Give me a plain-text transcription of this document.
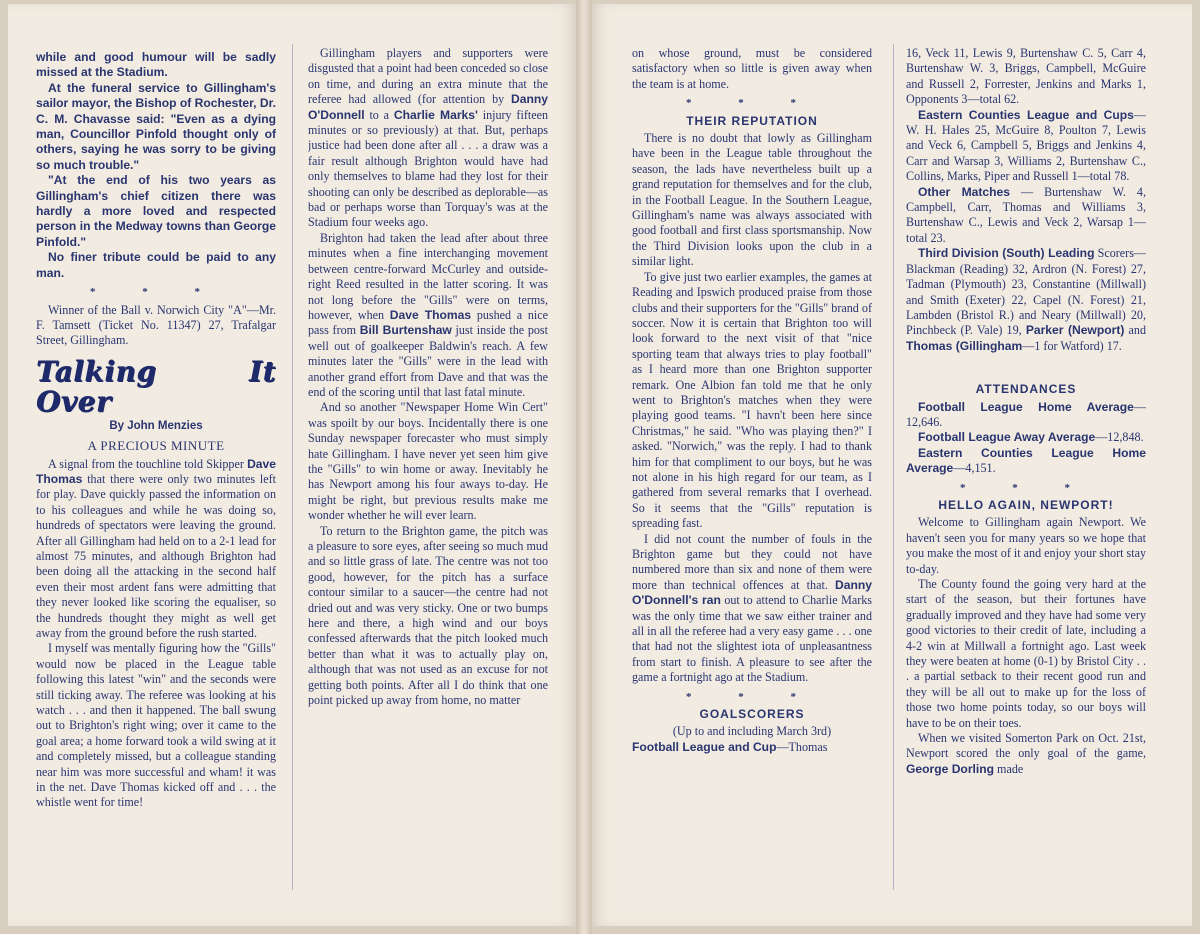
while and good humour will be sadly missed at the Stadium.

At the funeral service to Gillingham's sailor mayor, the Bishop of Rochester, Dr. C. M. Chavasse said: "Even as a dying man, Councillor Pinfold thought only of others, saying he was sorry to be giving so much trouble."

"At the end of his two years as Gillingham's chief citizen there was hardly a more loved and respected person in the Medway towns than George Pinfold."

No finer tribute could be paid to any man.

* * *

Winner of the Ball v. Norwich City "A"—Mr. F. Tamsett (Ticket No. 11347) 27, Trafalgar Street, Gillingham.

Talking It Over
By John Menzies
A PRECIOUS MINUTE

A signal from the touchline told Skipper Dave Thomas that there were only two minutes left for play. Dave quickly passed the information on to his colleagues and while he was doing so, hundreds of spectators were leaving the ground. After all Gillingham had held on to a 2-1 lead for almost 75 minutes, and although Brighton had been doing all the attacking in the second half even their most ardent fans were admitting that they never looked like scoring the equaliser, so the hundreds thought they might as well get away from the ground before the rush started.

I myself was mentally figuring how the "Gills" would now be placed in the League table following this latest "win" and the seconds were still ticking away. The referee was looking at his watch . . . and then it happened. The ball swung out to Brighton's right wing; over it came to the goal area; a home forward took a wild swing at it and completely missed, but a colleague standing near him was more successful and wham! it was in the net. Dave Thomas kicked off and . . . the whistle went for time!

Gillingham players and supporters were disgusted that a point had been conceded so close on time, and during an extra minute that the referee had allowed (for attention by Danny O'Donnell to a Charlie Marks' injury fifteen minutes or so previously) at that. But, perhaps justice had been done after all . . . a draw was a fair result although Brighton would have had only themselves to blame had they lost for their shooting can only be described as deplorable—as bad or perhaps worse than Torquay's was at the Stadium four weeks ago.

Brighton had taken the lead after about three minutes when a fine interchanging movement between centre-forward McCurley and outside-right Reed resulted in the latter scoring. It was not long before the "Gills" were on terms, however, when Dave Thomas pushed a nice pass from Bill Burtenshaw just inside the post well out of goalkeeper Baldwin's reach. A few minutes later the "Gills" were in the lead with another grand effort from Dave and that was the end of the scoring until that last fatal minute.

And so another "Newspaper Home Win Cert" was spoilt by our boys. Incidentally there is one Sunday newspaper forecaster who must simply hate Gillingham. I have never yet seen him give the "Gills" to win home or away. Inevitably he has Newport among his four aways to-day. He might be right, but previous results make me wonder whether he will ever learn.

To return to the Brighton game, the pitch was a pleasure to sore eyes, after seeing so much mud and so little grass of late. The centre was not too good, however, for the pitch has a surface contour similar to a saucer—the centre had not dried out and was very sticky. One or two bumps here and there, a high wind and our boys confessed afterwards that the pitch looked much better than what it was to actually play on, although that was not used as an excuse for not getting both points. After all I do think that one point picked up away from home, no matter

on whose ground, must be considered satisfactory when so little is given away when the team is at home.

* * *
THEIR REPUTATION

There is no doubt that lowly as Gillingham have been in the League table throughout the season, the lads have nevertheless built up a grand reputation for themselves and for the club, in the Football League. In the Southern League, Gillingham's name was always associated with good football and first class sportsmanship. Now the Third Division looks upon the club in a similar light.

To give just two earlier examples, the games at Reading and Ipswich produced praise from those clubs and their supporters for the "Gills" brand of soccer. Now it is certain that Brighton too will look forward to the next visit of that "nice sporting team that always tries to play football" as I heard more than one Brighton supporter remark. One Albion fan told me that he only went to Brighton's matches when they were playing good teams. "I havn't been here since Christmas," he said. "Who was playing then?" I asked. "Norwich," was the reply. I had to thank him for that compliment to our boys, but he was not alone in his high regard for our team, as I gathered from several remarks that I overhead. So it seems that the "Gills" reputation is spreading fast.

I did not count the number of fouls in the Brighton game but they could not have numbered more than six and none of them were more than technical offences at that. Danny O'Donnell's ran out to attend to Charlie Marks was the only time that we saw either trainer and all in all the referee had a very easy game . . . one that had not the slightest iota of unpleasantness from start to finish. A pleasure to see after the game a fortnight ago at the Stadium.

* * *
GOALSCORERS
(Up to and including March 3rd)

Football League and Cup—Thomas

16, Veck 11, Lewis 9, Burtenshaw C. 5, Carr 4, Burtenshaw W. 3, Briggs, Campbell, McGuire and Russell 2, Forrester, Jenkins and Marks 1, Opponents 3—total 62.

Eastern Counties League and Cups—W. H. Hales 25, McGuire 8, Poulton 7, Lewis and Veck 6, Campbell 5, Briggs and Jenkins 4, Carr and Warsap 3, Williams 2, Burtenshaw C., Collins, Marks, Piper and Russell 1—total 78.

Other Matches — Burtenshaw W. 4, Campbell, Carr, Thomas and Williams 3, Burtenshaw C., Lewis and Veck 2, Warsap 1—total 23.

Third Division (South) Leading Scorers—Blackman (Reading) 32, Ardron (N. Forest) 27, Tadman (Plymouth) 23, Constantine (Millwall) and Smith (Exeter) 22, Capel (N. Forest) 21, Lambden (Bristol R.) and Neary (Millwall) 20, Pinchbeck (P. Vale) 19, Parker (Newport) and Thomas (Gillingham—1 for Watford) 17.

ATTENDANCES

Football League Home Average—12,646.

Football League Away Average—12,848.

Eastern Counties League Home Average—4,151.

* * *
HELLO AGAIN, NEWPORT!

Welcome to Gillingham again Newport. We haven't seen you for many years so we hope that you make the most of it and enjoy your short stay to-day.

The County found the going very hard at the start of the season, but their fortunes have gradually improved and they have had some very good victories to their credit of late, including a 4-2 win at Millwall a fortnight ago. Last week they were beaten at home (0-1) by Bristol City . . . a partial setback to their recent good run and they will be all out to make up for the loss of those two home points today, so our boys will have to be on their toes.

When we visited Somerton Park on Oct. 21st, Newport scored the only goal of the game, George Dorling made
